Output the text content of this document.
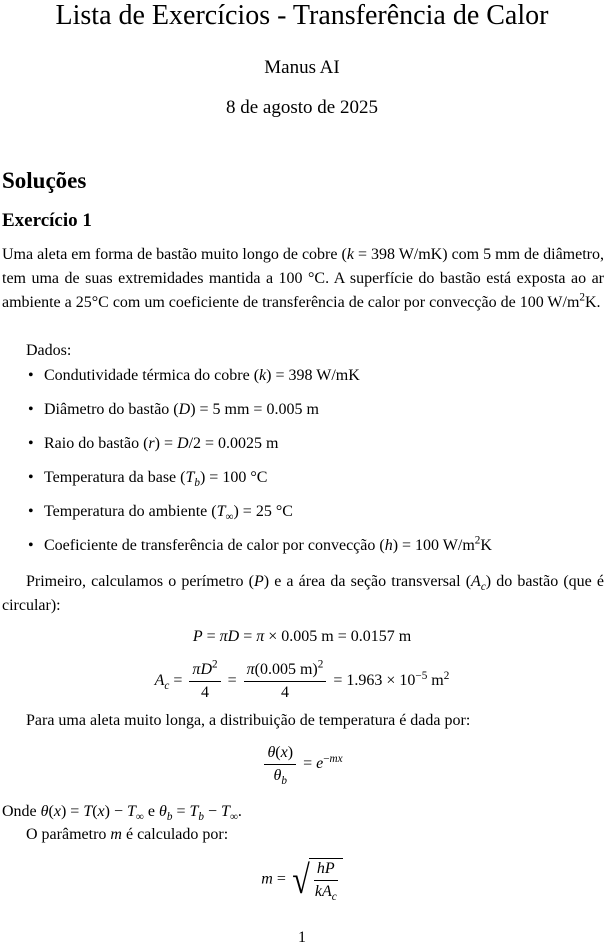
Lista de Exercícios - Transferência de Calor
Manus AI
8 de agosto de 2025
Soluções
Exercício 1
Uma aleta em forma de bastão muito longo de cobre (k = 398 W/mK) com 5 mm de diâmetro, tem uma de suas extremidades mantida a 100 °C. A superfície do bastão está exposta ao ar ambiente a 25°C com um coeficiente de transferência de calor por convecção de 100 $W/m^2K$.
Dados:
• Condutividade térmica do cobre (k) = 398 W/mK
• Diâmetro do bastão (D) = 5 mm = 0.005 m
• Raio do bastão (r) = D/2 = 0.0025 m
• Temperatura da base $(T_b) = 100$ °C
• Temperatura do ambiente $(T_\infty) = 25$ °C
• Coeficiente de transferência de calor por convecção (h) = 100 $W/m^2K$
Primeiro, calculamos o perímetro (P) e a área da seção transversal $(A_c)$ do bastão (que é circular):
P = πD = π × 0.005 m = 0.0157 m
$A_c = \frac{\pi D^2}{4} = \frac{\pi(0.005 m)^2}{4} = 1.963 \times 10^{-5}$ $m^2$
Para uma aleta muito longa, a distribuição de temperatura é dada por:
$\frac{\theta(x)}{\theta_b} = e^{-mx}$
Onde $\theta(x) = T(x) - T_\infty$ e $\theta_b = T_b - T_\infty$.
O parâmetro m é calculado por:
m = √ $\frac{hP}{kA_c}$
1
